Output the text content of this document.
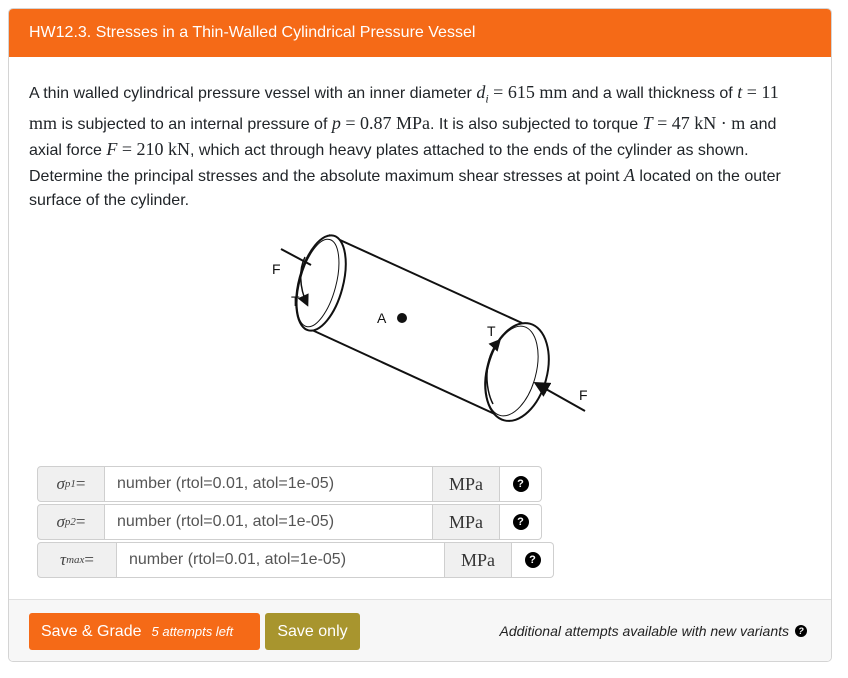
HW12.3. Stresses in a Thin-Walled Cylindrical Pressure Vessel
A thin walled cylindrical pressure vessel with an inner diameter $d_i = 615$ mm and a wall thickness of t = 11 mm is subjected to an internal pressure of p = 0.87 MPa. It is also subjected to torque T = 47 kN · m and axial force F = 210 kN, which act through heavy plates attached to the ends of the cylinder as shown. Determine the principal stresses and the absolute maximum shear stresses at point A located on the outer surface of the cylinder.
F
T
A
T
F
σ p1 =
number (rtol=0.01, atol=1e-05)	MPa	?
σ p2 =
number (rtol=0.01, atol=1e-05)	MPa	?
τ max =
number (rtol=0.01, atol=1e-05)	MPa	?
Save & Grade 5 attempts left	Save only	Additional attempts available with new variants	?
